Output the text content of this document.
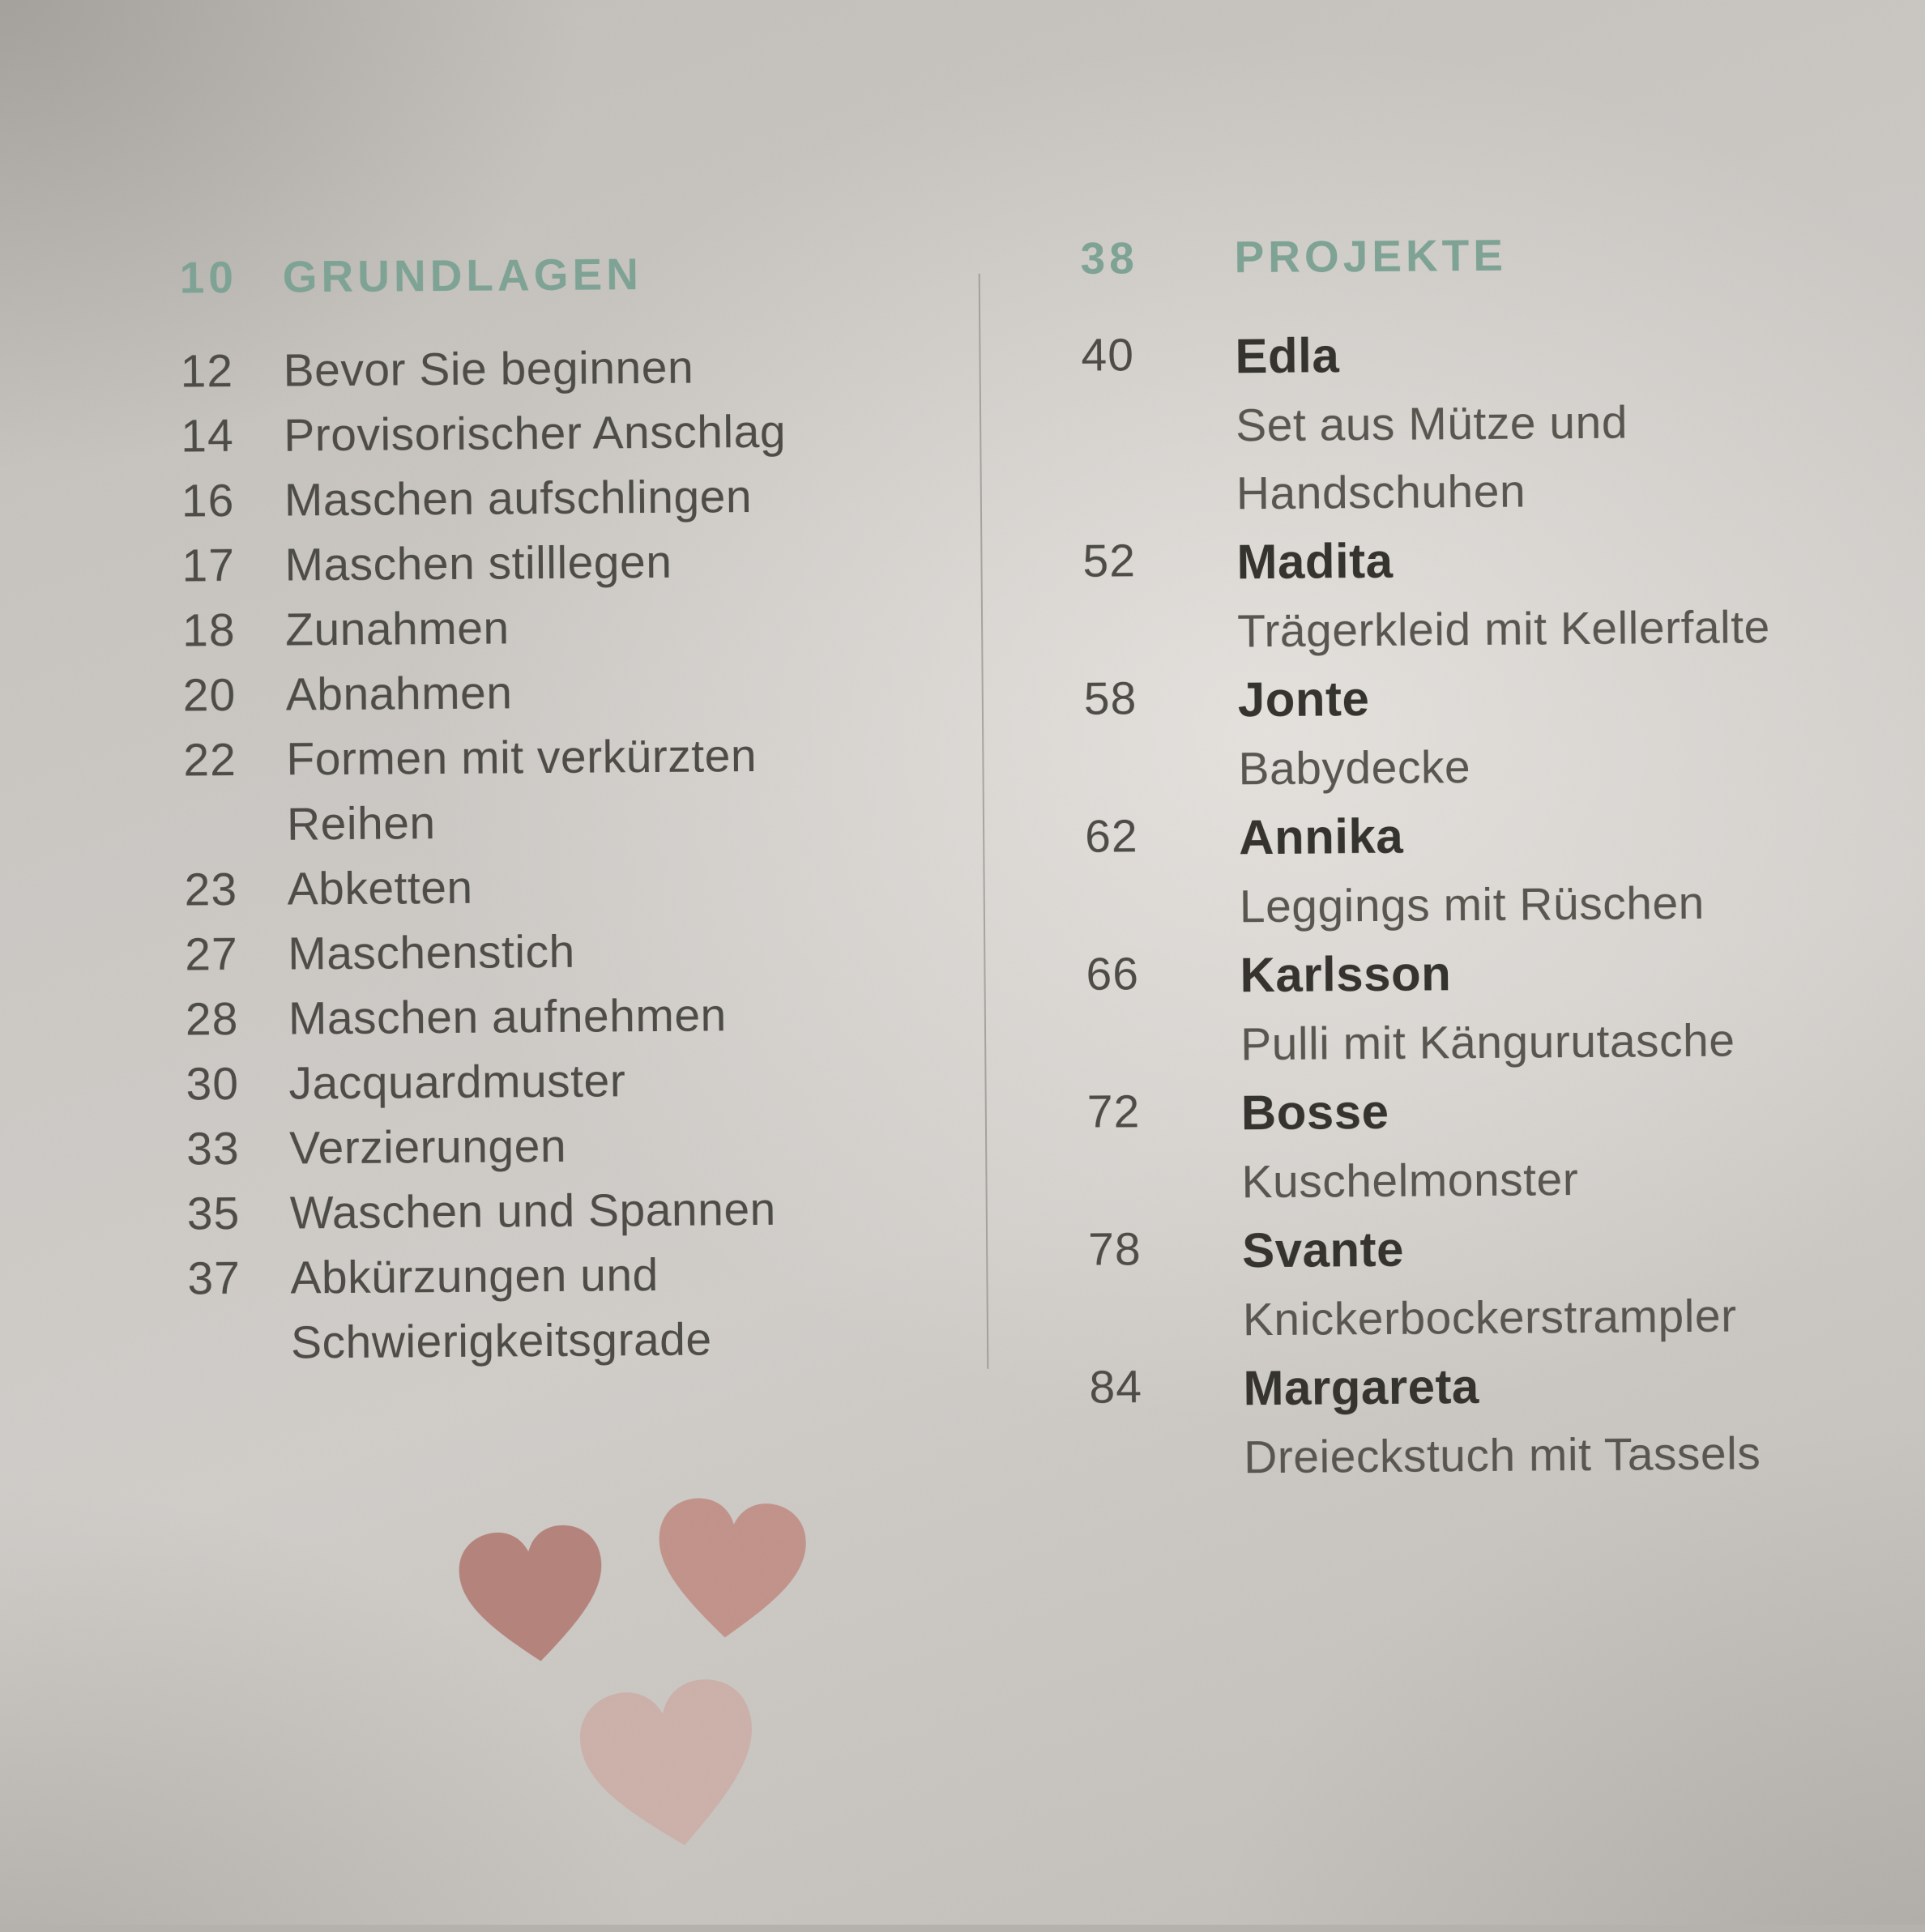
10	GRUNDLAGEN
12	Bevor Sie beginnen
14	Provisorischer Anschlag
16	Maschen aufschlingen
17	Maschen stilllegen
18	Zunahmen
20	Abnahmen
22	Formen mit verkürzten Reihen
23	Abketten
27	Maschenstich
28	Maschen aufnehmen
30	Jacquardmuster
33	Verzierungen
35	Waschen und Spannen
37	Abkürzungen und Schwierigkeitsgrade
38	PROJEKTE
40	Edla
Set aus Mütze und Handschuhen
52	Madita
Trägerkleid mit Kellerfalte
58	Jonte
Babydecke
62	Annika
Leggings mit Rüschen
66	Karlsson
Pulli mit Kängurutasche
72	Bosse
Kuschelmonster
78	Svante
Knickerbockerstrampler
84	Margareta
Dreieckstuch mit Tassels
